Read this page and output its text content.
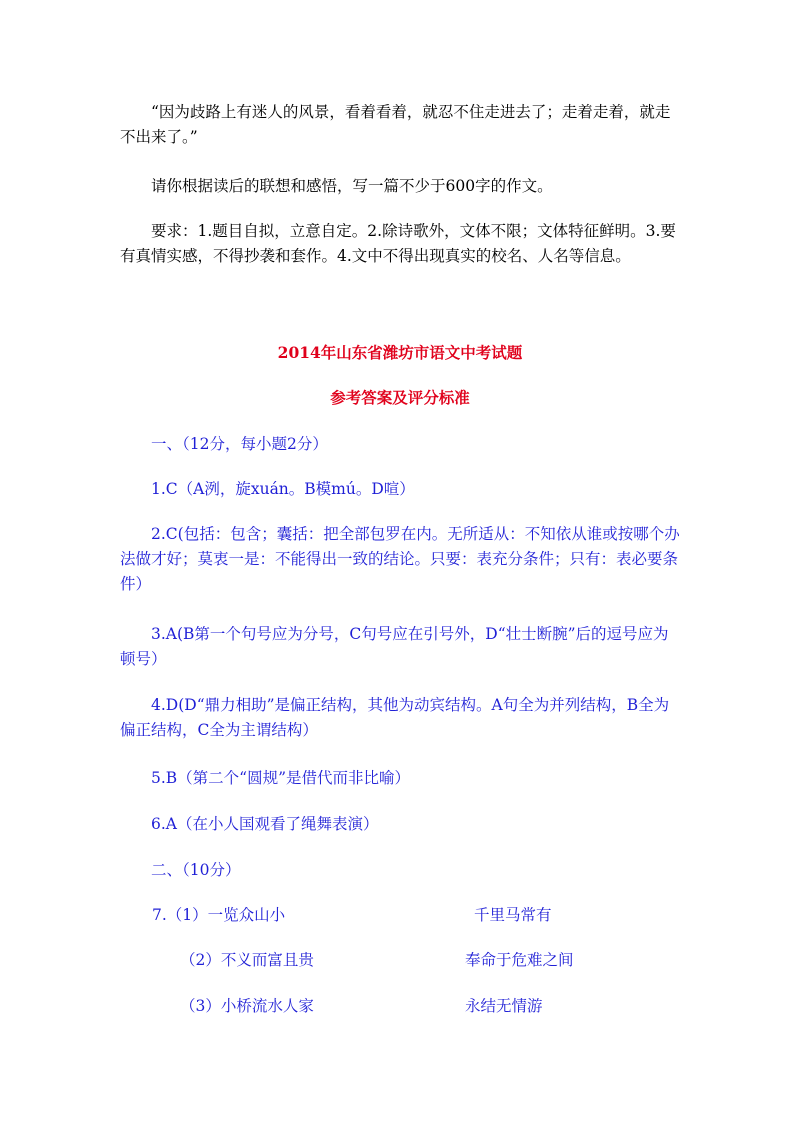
“因为歧路上有迷人的风景，看着看着，就忍不住走进去了；走着走着，就走不出来了。”

请你根据读后的联想和感悟，写一篇不少于600字的作文。

要求：1.题目自拟，立意自定。2.除诗歌外，文体不限；文体特征鲜明。3.要有真情实感，不得抄袭和套作。4.文中不得出现真实的校名、人名等信息。

2014年山东省潍坊市语文中考试题
参考答案及评分标准

一、（12分，每小题2分）

1.C（A洌，旋xuán。B模mú。D喧）

2.C(包括：包含；囊括：把全部包罗在内。无所适从：不知依从谁或按哪个办法做才好；莫衷一是：不能得出一致的结论。只要：表充分条件；只有：表必要条件）

3.A(B第一个句号应为分号，C句号应在引号外，D“壮士断腕”后的逗号应为顿号）

4.D(D“鼎力相助”是偏正结构，其他为动宾结构。A句全为并列结构，B全为偏正结构，C全为主谓结构）

5.B（第二个“圆规”是借代而非比喻）

6.A（在小人国观看了绳舞表演）

二、（10分）

7.（1）一览众山小	千里马常有
（2）不义而富且贵	奉命于危难之间
（3）小桥流水人家	永结无情游
